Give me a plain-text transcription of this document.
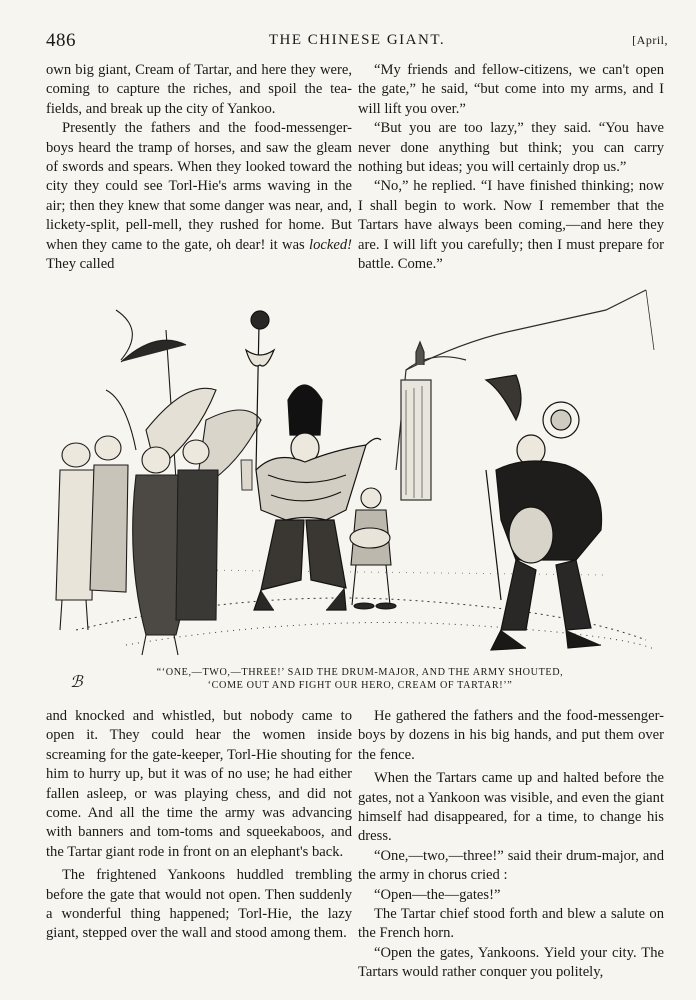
486	THE CHINESE GIANT.	[April,

own big giant, Cream of Tartar, and here they were, coming to capture the riches, and spoil the tea-fields, and break up the city of Yankoo.

Presently the fathers and the food-messenger-boys heard the tramp of horses, and saw the gleam of swords and spears. When they looked toward the city they could see Torl-Hie's arms waving in the air; then they knew that some danger was near, and, lickety-split, pell-mell, they rushed for home. But when they came to the gate, oh dear! it was locked! They called

“My friends and fellow-citizens, we can't open the gate,” he said, “but come into my arms, and I will lift you over.”

“But you are too lazy,” they said. “You have never done anything but think; you can carry nothing but ideas; you will certainly drop us.”

“No,” he replied. “I have finished thinking; now I shall begin to work. Now I remember that the Tartars have always been coming,—and here they are. I will lift you carefully; then I must prepare for battle. Come.”

ℬ
“‘ONE,—TWO,—THREE!’ SAID THE DRUM-MAJOR, AND THE ARMY SHOUTED, ‘COME OUT AND FIGHT OUR HERO, CREAM OF TARTAR!’”

and knocked and whistled, but nobody came to open it. They could hear the women inside screaming for the gate-keeper, Torl-Hie shouting for him to hurry up, but it was of no use; he had either fallen asleep, or was playing chess, and did not come. And all the time the army was advancing with banners and tom-toms and squeekaboos, and the Tartar giant rode in front on an elephant's back.

The frightened Yankoons huddled trembling before the gate that would not open. Then suddenly a wonderful thing happened; Torl-Hie, the lazy giant, stepped over the wall and stood among them.

He gathered the fathers and the food-messenger-boys by dozens in his big hands, and put them over the fence.

When the Tartars came up and halted before the gates, not a Yankoon was visible, and even the giant himself had disappeared, for a time, to change his dress.

“One,—two,—three!” said their drum-major, and the army in chorus cried :

“Open—the—gates!”

The Tartar chief stood forth and blew a salute on the French horn.

“Open the gates, Yankoons. Yield your city. The Tartars would rather conquer you politely,
